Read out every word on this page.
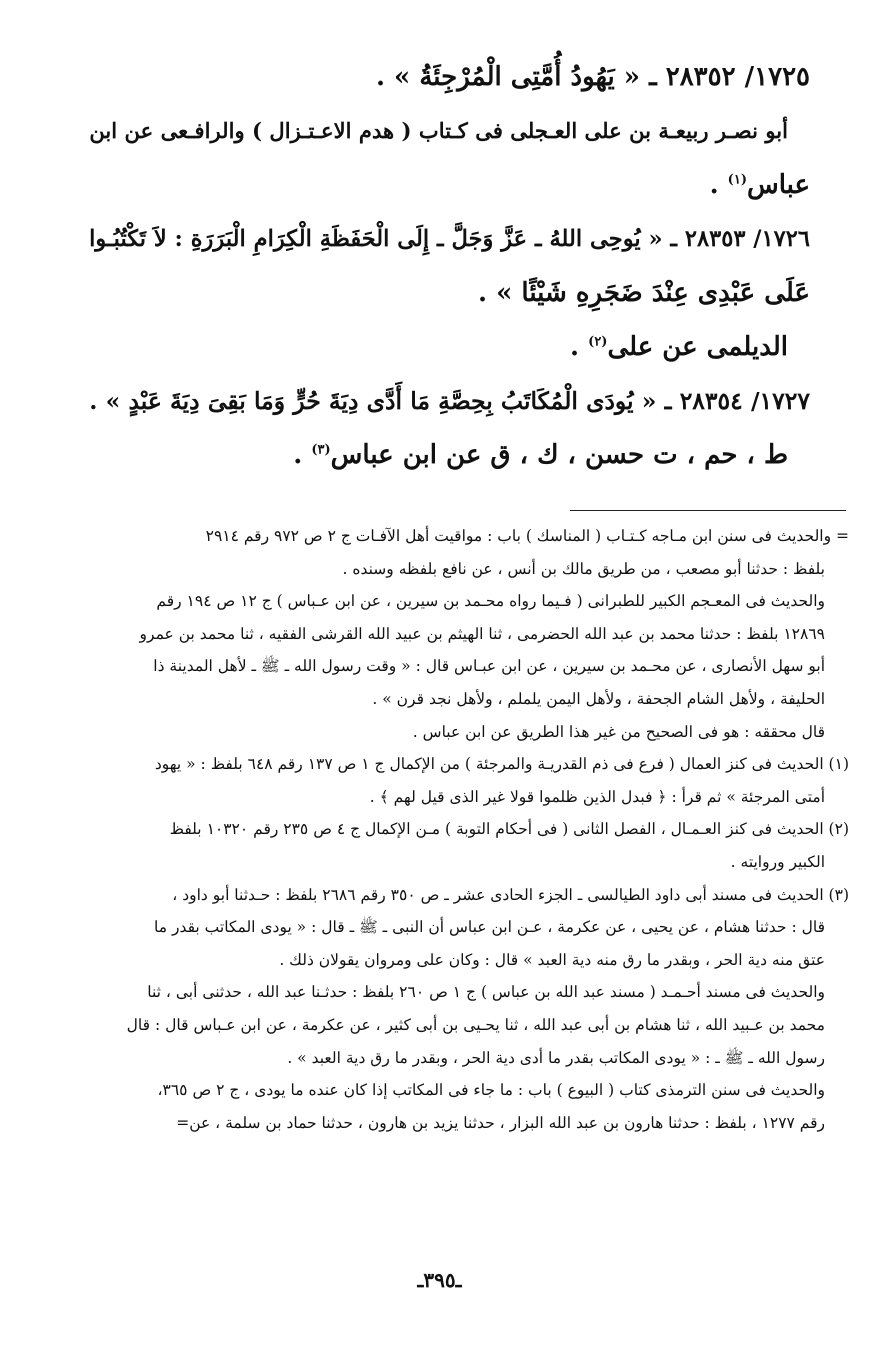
١٧٢٥/ ٢٨٣٥٢ ـ « يَهُودُ أُمَّتِى الْمُرْجِئَةُ » .
أبو نصـر ربيعـة بن على العـجلى فى كـتاب ( هدم الاعـتـزال ) والرافـعى عن ابن
عباس$^{(١)}$ .
١٧٢٦/ ٢٨٣٥٣ ـ « يُوحِى اللهُ ـ عَزَّ وَجَلَّ ـ إِلَى الْحَفَظَةِ الْكِرَامِ الْبَرَرَةِ : لاَ تَكْتُبُـوا
عَلَى عَبْدِى عِنْدَ ضَجَرِهِ شَيْئًا » .
الديلمى عن على$^{(٢)}$ .
١٧٢٧/ ٢٨٣٥٤ ـ « يُودَى الْمُكَاتَبُ بِحِصَّةِ مَا أَدَّى دِيَةَ حُرٍّ وَمَا بَقِىَ دِيَةَ عَبْدٍ » .
ط ، حم ، ت حسن ، ك ، ق عن ابن عباس$^{(٣)}$ .
= والحديث فى سنن ابن مـاجه كـتـاب ( المناسك ) باب : مواقيت أهل الآفـات ج ٢ ص ٩٧٢ رقم ٢٩١٤
بلفظ : حدثنا أبو مصعب ، من طريق مالك بن أنس ، عن نافع بلفظه وسنده .
والحديث فى المعـجم الكبير للطبرانى ( فـيما رواه محـمد بن سيرين ، عن ابن عـباس ) ج ١٢ ص ١٩٤ رقم
١٢٨٦٩ بلفظ : حدثنا محمد بن عبد الله الحضرمى ، ثنا الهيثم بن عبيد الله القرشى الفقيه ، ثنا محمد بن عمرو
أبو سهل الأنصارى ، عن محـمد بن سيرين ، عن ابن عبـاس قال : « وقت رسول الله ـ ﷺ ـ لأهل المدينة ذا
الحليفة ، ولأهل الشام الجحفة ، ولأهل اليمن يلملم ، ولأهل نجد قرن » .
قال محققه : هو فى الصحيح من غير هذا الطريق عن ابن عباس .
(١) الحديث فى كنز العمال ( فرع فى ذم القدريـة والمرجئة ) من الإكمال ج ١ ص ١٣٧ رقم ٦٤٨ بلفظ : « يهود
أمتى المرجئة » ثم قرأ : ﴿ فبدل الذين ظلموا قولا غير الذى قيل لهم ﴾ .
(٢) الحديث فى كنز العـمـال ، الفصل الثانى ( فى أحكام التوبة ) مـن الإكمال ج ٤ ص ٢٣٥ رقم ١٠٣٢٠ بلفظ
الكبير وروايته .
(٣) الحديث فى مسند أبى داود الطيالسى ـ الجزء الحادى عشر ـ ص ٣٥٠ رقم ٢٦٨٦ بلفظ : حـدثنا أبو داود ،
قال : حدثنا هشام ، عن يحيى ، عن عكرمة ، عـن ابن عباس أن النبى ـ ﷺ ـ قال : « يودى المكاتب بقدر ما
عتق منه دية الحر ، وبقدر ما رق منه دية العبد » قال : وكان على ومروان يقولان ذلك .
والحديث فى مسند أحـمـد ( مسند عبد الله بن عباس ) ج ١ ص ٢٦٠ بلفظ : حدثـنا عبد الله ، حدثنى أبى ، ثنا
محمد بن عـبيد الله ، ثنا هشام بن أبى عبد الله ، ثنا يحـيى بن أبى كثير ، عن عكرمة ، عن ابن عـباس قال : قال
رسول الله ـ ﷺ ـ : « يودى المكاتب بقدر ما أدى دية الحر ، وبقدر ما رق دية العبد » .
والحديث فى سنن الترمذى كتاب ( البيوع ) باب : ما جاء فى المكاتب إذا كان عنده ما يودى ، ج ٢ ص ٣٦٥،
رقم ١٢٧٧ ، بلفظ : حدثنا هارون بن عبد الله البزار ، حدثنا يزيد بن هارون ، حدثنا حماد بن سلمة ، عن=
ـ٣٩٥ـ
